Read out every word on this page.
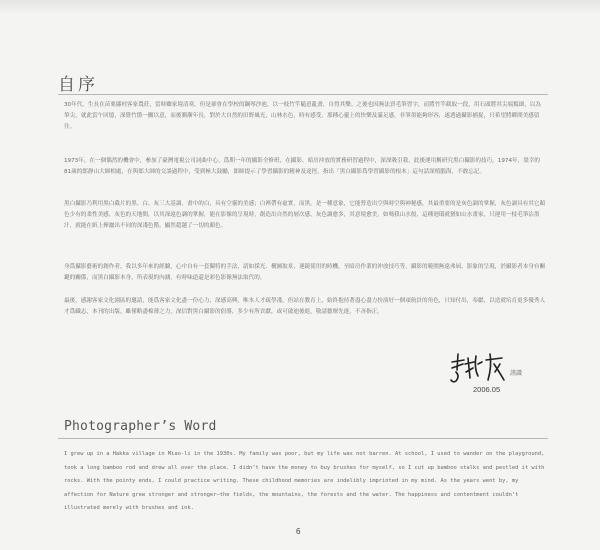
自序

30年代，生長在苗栗縣村客家農莊，當時雖家境清寒，但是卻會在學校的鋼琴沙池，以一枝竹竿隨意亂畫，自得其樂。之後也因無法買毛筆習字，而將竹竿截取一段，用石頭將其尖端搗細，以為筆尖，就此當午回憶，深覺竹節一撇以意，而後漸漸年長，對於大自然的田野風光，山林水色，時有感受，那種心靈上的快樂及滿足感，非筆墨能夠形容，遂透過攝影捕捉，只希望將瞬間美感留住。

1973年，在一個偶然的機會中，參加了臺灣電視公司詞曲中心，爲期一年的攝影全修班，在攝影、暗房沖放的實務研習過程中，深深吸引我，此後運用稱研究黑白攝影的技巧。1974年，榮幸的81歲的郎靜山大師相處，在與郎大師的交談過程中，受到極大鼓勵，郎師提示了學習攝影的精神及途徑，指出「黑白攝影爲學習攝影的根本」這句話深植腦海，不敢忘記。

黑白攝影乃利用黑白截片的黑、白、灰三大基調，畫中的白，具有空靈的美感；白裡帶有虛實，而黑，是一種意象，它能營造出空與時空與神秘感，其最重要的是灰色調的掌握，灰色調具有其它顏色少有的柔性美感，灰色的天地間，以其深遠色調的掌握，能在影像的呈現時，創造出自然的層次感，灰色調愈多，其意境愈美，如嗎我山水般，這種迴環就猶如山水畫家，只運用一枝毛筆沾墨汁，就能在紙上揮灑出不同的深淺色階，顯然超越了一切的顏色。

身爲攝影藝術的創作者，我以多年來的經驗，心中自有一套獨特的手法，請如採光、構圖取景、連鏡使用的時機，至暗房作業的沖放技巧等，攝影的範圍無遠弗屆，影象的呈現，於攝影者本身有關鍵的關係，而黑白攝影本身，所表現的內涵，有時味道還是彩色影像無法取代的。

最後，感謝客家文化園區的邀請，能爲客家文化盡一份心力，深感高興，唯本人才疏學淺，但站在教育上，始終抱持著盡心盡力扮演好一個頑航員的角色，只知付出，奉獻，以造就培育更多優秀人才爲職志，本刊的出版，雖僅略盡棉薄之力，深信對黑白攝影的倡導，多少有所貢獻，或可啟迪後進，敬請藝壇先進，不吝指正。

謹識
2006.05
Photographer’s Word

I grew up in a Hakka village in Miao-li in the 1930s. My family was poor, but my life was not barren. At school, I used to wander on the playground, took a long bamboo rod and drew all over the place. I didn’t have the money to buy brushes for myself, so I cut up bamboo stalks and pestled it with rocks. With the pointy ends, I could practice writing. These childhood memories are indelibly imprinted in my mind. As the years went by, my affection for Nature grew stronger and stronger—the fields, the mountains, the forests and the water. The happiness and contentment couldn’t illustrated merely with brushes and ink.

6
